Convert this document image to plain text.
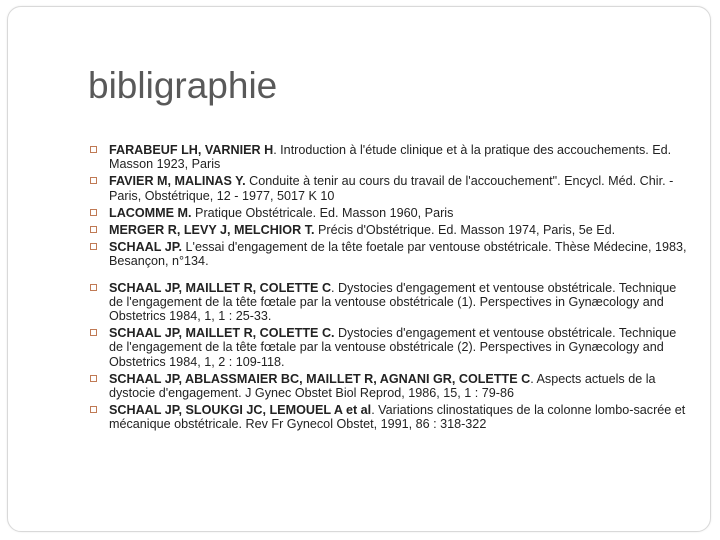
bibligraphie
FARABEUF LH, VARNIER H. Introduction à l'étude clinique et à la pratique des accouchements. Ed. Masson 1923, Paris
FAVIER M, MALINAS Y. Conduite à tenir au cours du travail de l'accouchement". Encycl. Méd. Chir. - Paris, Obstétrique, 12 - 1977, 5017 K 10
LACOMME M. Pratique Obstétricale. Ed. Masson 1960, Paris
MERGER R, LEVY J, MELCHIOR T. Précis d'Obstétrique. Ed. Masson 1974, Paris, 5e Ed.
SCHAAL JP. L'essai d'engagement de la tête foetale par ventouse obstétricale. Thèse Médecine, 1983, Besançon, n°134.
SCHAAL JP, MAILLET R, COLETTE C. Dystocies d'engagement et ventouse obstétricale. Technique de l'engagement de la tête fœtale par la ventouse obstétricale (1). Perspectives in Gynæcology and Obstetrics 1984, 1, 1 : 25-33.
SCHAAL JP, MAILLET R, COLETTE C. Dystocies d'engagement et ventouse obstétricale. Technique de l'engagement de la tête fœtale par la ventouse obstétricale (2). Perspectives in Gynæcology and Obstetrics 1984, 1, 2 : 109-118.
SCHAAL JP, ABLASSMAIER BC, MAILLET R, AGNANI GR, COLETTE C. Aspects actuels de la dystocie d'engagement. J Gynec Obstet Biol Reprod, 1986, 15, 1 : 79-86
SCHAAL JP, SLOUKGI JC, LEMOUEL A et al. Variations clinostatiques de la colonne lombo-sacrée et mécanique obstétricale. Rev Fr Gynecol Obstet, 1991, 86 : 318-322
